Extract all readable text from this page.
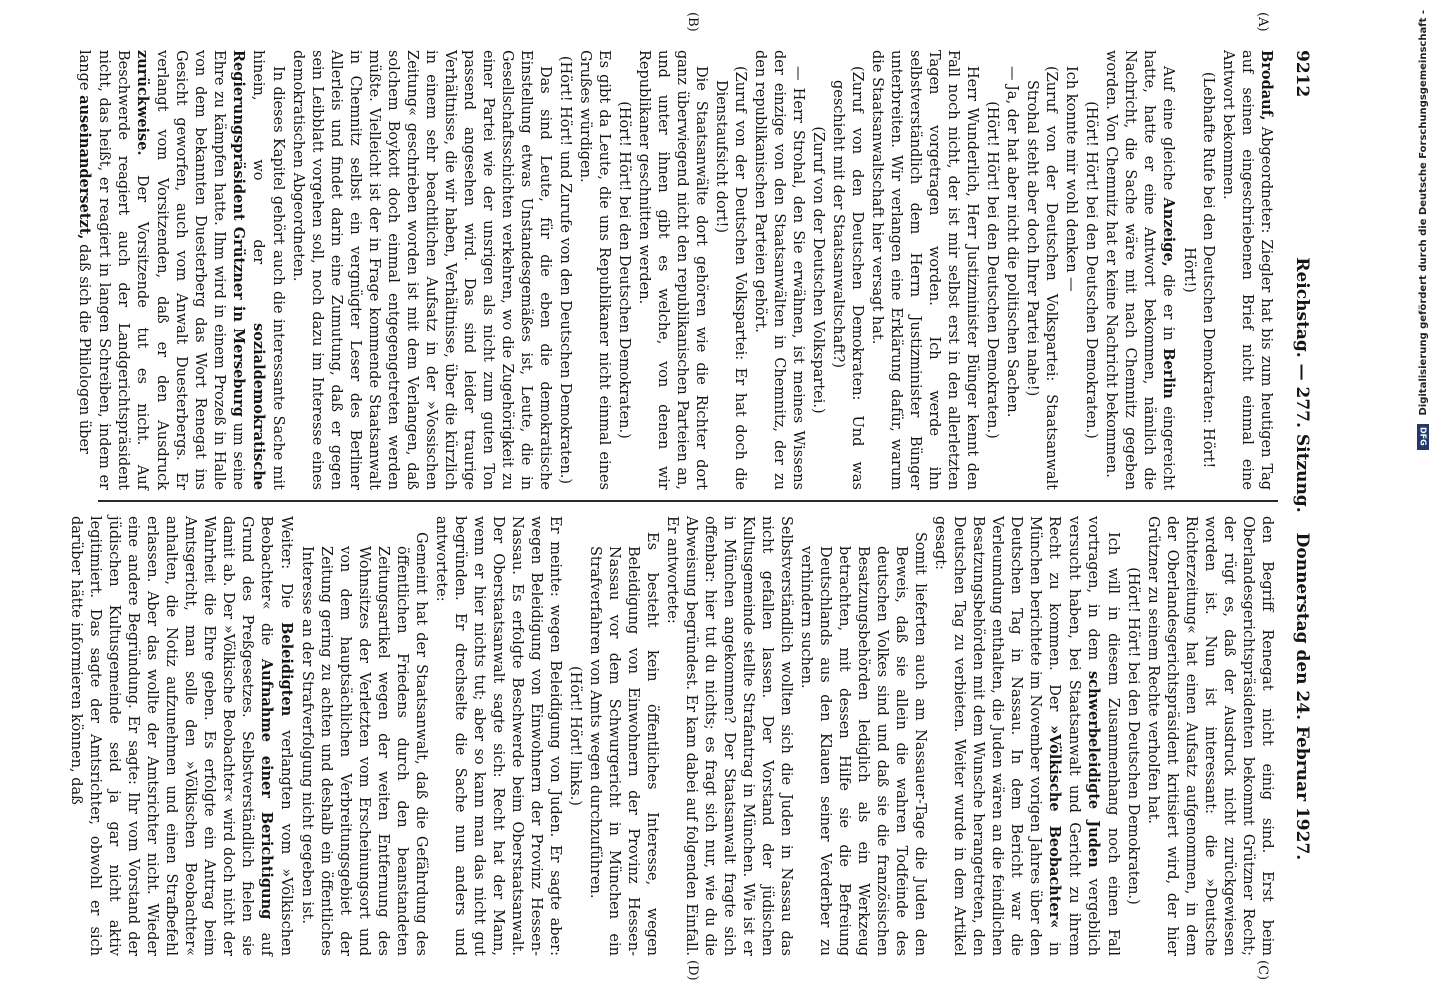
9212
Reichstag. — 277. Sitzung.
Donnerstag den 24. Februar 1927.
(A)
(B)
(C)
(D)

Brodauf, Abgeordneter: Ziegler hat bis zum heutigen Tag auf seinen eingeschriebenen Brief nicht einmal eine Antwort bekommen.

(Lebhafte Rufe bei den Deutschen Demokraten: Hört! Hört!)

Auf eine gleiche Anzeige, die er in Berlin eingereicht hatte, hatte er eine Antwort bekommen, nämlich die Nachricht, die Sache wäre mit nach Chemnitz gegeben worden. Von Chemnitz hat er keine Nachricht bekommen.

(Hört! Hört! bei den Deutschen Demokraten.)

Ich konnte mir wohl denken —

(Zuruf von der Deutschen Volkspartei: Staatsanwalt Strohal steht aber doch Ihrer Partei nahe!)

— Ja, der hat aber nicht die politischen Sachen.

(Hört! Hört! bei den Deutschen Demokraten.)

Herr Wunderlich, Herr Justizminister Bünger kennt den Fall noch nicht, der ist mir selbst erst in den allerletzten Tagen vorgetragen worden. Ich werde ihn selbstverständlich dem Herrn Justizminister Bünger unterbreiten. Wir verlangen eine Erklärung dafür, warum die Staatsanwaltschaft hier versagt hat.

(Zuruf von den Deutschen Demokraten: Und was geschieht mit der Staatsanwaltschaft?)

(Zuruf von der Deutschen Volkspartei.)

— Herr Strohal, den Sie erwähnen, ist meines Wissens der einzige von den Staatsanwälten in Chemnitz, der zu den republikanischen Parteien gehört.

(Zuruf von der Deutschen Volkspartei: Er hat doch die Dienstaufsicht dort!)

Die Staatsanwälte dort gehören wie die Richter dort ganz überwiegend nicht den republikanischen Parteien an, und unter ihnen gibt es welche, von denen wir Republikaner geschnitten werden.

(Hört! Hört! bei den Deutschen Demokraten.)

Es gibt da Leute, die uns Republikaner nicht einmal eines Grußes würdigen.

(Hört! Hört! und Zurufe von den Deutschen Demokraten.)

Das sind Leute, für die eben die demokratische Einstellung etwas Unstandesgemäßes ist, Leute, die in Gesellschaftsschichten verkehren, wo die Zugehörigkeit zu einer Partei wie der unsrigen als nicht zum guten Ton passend angesehen wird. Das sind leider traurige Verhältnisse, die wir haben, Verhältnisse, über die kürzlich in einem sehr beachtlichen Aufsatz in der »Vossischen Zeitung« geschrieben worden ist mit dem Verlangen, daß solchem Boykott doch einmal entgegengetreten werden müßte. Vielleicht ist der in Frage kommende Staatsanwalt in Chemnitz selbst ein vergnügter Leser des Berliner Allerleis und findet darin eine Zumutung, daß er gegen sein Leibblatt vorgehen soll, noch dazu im Interesse eines demokratischen Abgeordneten.

In dieses Kapitel gehört auch die interessante Sache mit hinein, wo der sozialdemokratische Regierungspräsident Grützner in Merseburg um seine Ehre zu kämpfen hatte. Ihm wird in einem Prozeß in Halle von dem bekannten Duesterberg das Wort Renegat ins Gesicht geworfen, auch vom Anwalt Duesterbergs. Er verlangt vom Vorsitzenden, daß er den Ausdruck zurückweise. Der Vorsitzende tut es nicht. Auf Beschwerde reagiert auch der Landgerichtspräsident nicht, das heißt, er reagiert in langen Schreiben, indem er lange auseinandersetzt, daß sich die Philologen über

den Begriff Renegat nicht einig sind. Erst beim Oberlandesgerichtspräsidenten bekommt Grützner Recht; der rügt es, daß der Ausdruck nicht zurückgewiesen worden ist. Nun ist interessant: die »Deutsche Richterzeitung« hat einen Aufsatz aufgenommen, in dem der Oberlandesgerichtspräsident kritisiert wird, der hier Grützner zu seinem Rechte verholfen hat.

(Hört! Hört! bei den Deutschen Demokraten.)

Ich will in diesem Zusammenhang noch einen Fall vortragen, in dem schwerbeleidigte Juden vergeblich versucht haben, bei Staatsanwalt und Gericht zu ihrem Recht zu kommen. Der »Völkische Beobachter« in München berichtete im November vorigen Jahres über den Deutschen Tag in Nassau. In dem Bericht war die Verleumdung enthalten, die Juden wären an die feindlichen Besatzungsbehörden mit dem Wunsche herangetreten, den Deutschen Tag zu verbieten. Weiter wurde in dem Artikel gesagt:

Somit lieferten auch am Nassauer-Tage die Juden den Beweis, daß sie allein die wahren Todfeinde des deutschen Volkes sind und daß sie die französischen Besatzungsbehörden lediglich als ein Werkzeug betrachten, mit dessen Hilfe sie die Befreiung Deutschlands aus den Klauen seiner Verderber zu verhindern suchen.

Selbstverständlich wollten sich die Juden in Nassau das nicht gefallen lassen. Der Vorstand der jüdischen Kultusgemeinde stellte Strafantrag in München. Wie ist er in München angekommen? Der Staatsanwalt fragte sich offenbar: hier tut du nichts; es fragt sich nur, wie du die Abweisung begründest. Er kam dabei auf folgenden Einfall. Er antwortete:

Es besteht kein öffentliches Interesse, wegen Beleidigung von Einwohnern der Provinz Hessen-Nassau vor dem Schwurgericht in München ein Strafverfahren von Amts wegen durchzuführen.

(Hört! Hört! links.)

Er meinte: wegen Beleidigung von Juden. Er sagte aber: wegen Beleidigung von Einwohnern der Provinz Hessen-Nassau. Es erfolgte Beschwerde beim Oberstaatsanwalt. Der Oberstaatsanwalt sagte sich: Recht hat der Mann, wenn er hier nichts tut; aber so kann man das nicht gut begründen. Er drechselte die Sache nun anders und antwortete:

Gemeint hat der Staatsanwalt, daß die Gefährdung des öffentlichen Friedens durch den beanstandeten Zeitungsartikel wegen der weiten Entfernung des Wohnsitzes der Verletzten vom Erscheinungsort und von dem hauptsächlichen Verbreitungsgebiet der Zeitung gering zu achten und deshalb ein öffentliches Interesse an der Strafverfolgung nicht gegeben ist.

Weiter: Die Beleidigten verlangten vom »Völkischen Beobachter« die Aufnahme einer Berichtigung auf Grund des Preßgesetzes. Selbstverständlich fielen sie damit ab. Der »Völkische Beobachter« wird doch nicht der Wahrheit die Ehre geben. Es erfolgte ein Antrag beim Amtsgericht, man solle den »Völkischen Beobachter« anhalten, die Notiz aufzunehmen und einen Strafbefehl erlassen. Aber das wollte der Amtsrichter nicht. Wieder eine andere Begründung. Er sagte: Ihr vom Vorstand der jüdischen Kultusgemeinde seid ja gar nicht aktiv legitimiert. Das sagte der Amtsrichter, obwohl er sich darüber hätte informieren können, daß

Digitalisierung gefördert durch die Deutsche Forschungsgemeinschaft -
DFG
